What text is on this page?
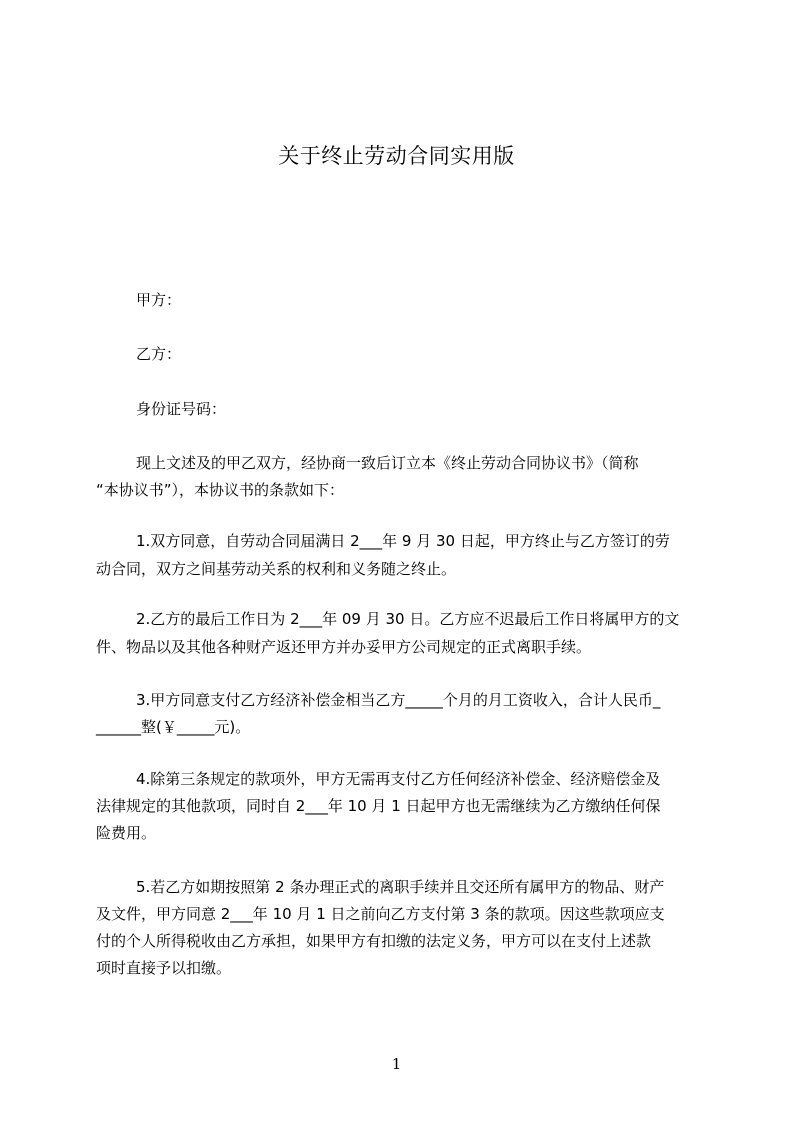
关于终止劳动合同实用版
甲方：
乙方：
身份证号码：
现上文述及的甲乙双方，经协商一致后订立本《终止劳动合同协议书》（简称
“本协议书”），本协议书的条款如下：
1.双方同意，自劳动合同届满日 2___年 9 月 30 日起，甲方终止与乙方签订的劳
动合同，双方之间基劳动关系的权利和义务随之终止。
2.乙方的最后工作日为 2___年 09 月 30 日。乙方应不迟最后工作日将属甲方的文
件、物品以及其他各种财产返还甲方并办妥甲方公司规定的正式离职手续。
3.甲方同意支付乙方经济补偿金相当乙方_____个月的月工资收入，合计人民币_
______整(￥_____元)。
4.除第三条规定的款项外，甲方无需再支付乙方任何经济补偿金、经济赔偿金及
法律规定的其他款项，同时自 2___年 10 月 1 日起甲方也无需继续为乙方缴纳任何保
险费用。
5.若乙方如期按照第 2 条办理正式的离职手续并且交还所有属甲方的物品、财产
及文件，甲方同意 2___年 10 月 1 日之前向乙方支付第 3 条的款项。因这些款项应支
付的个人所得税收由乙方承担，如果甲方有扣缴的法定义务，甲方可以在支付上述款
项时直接予以扣缴。
1
